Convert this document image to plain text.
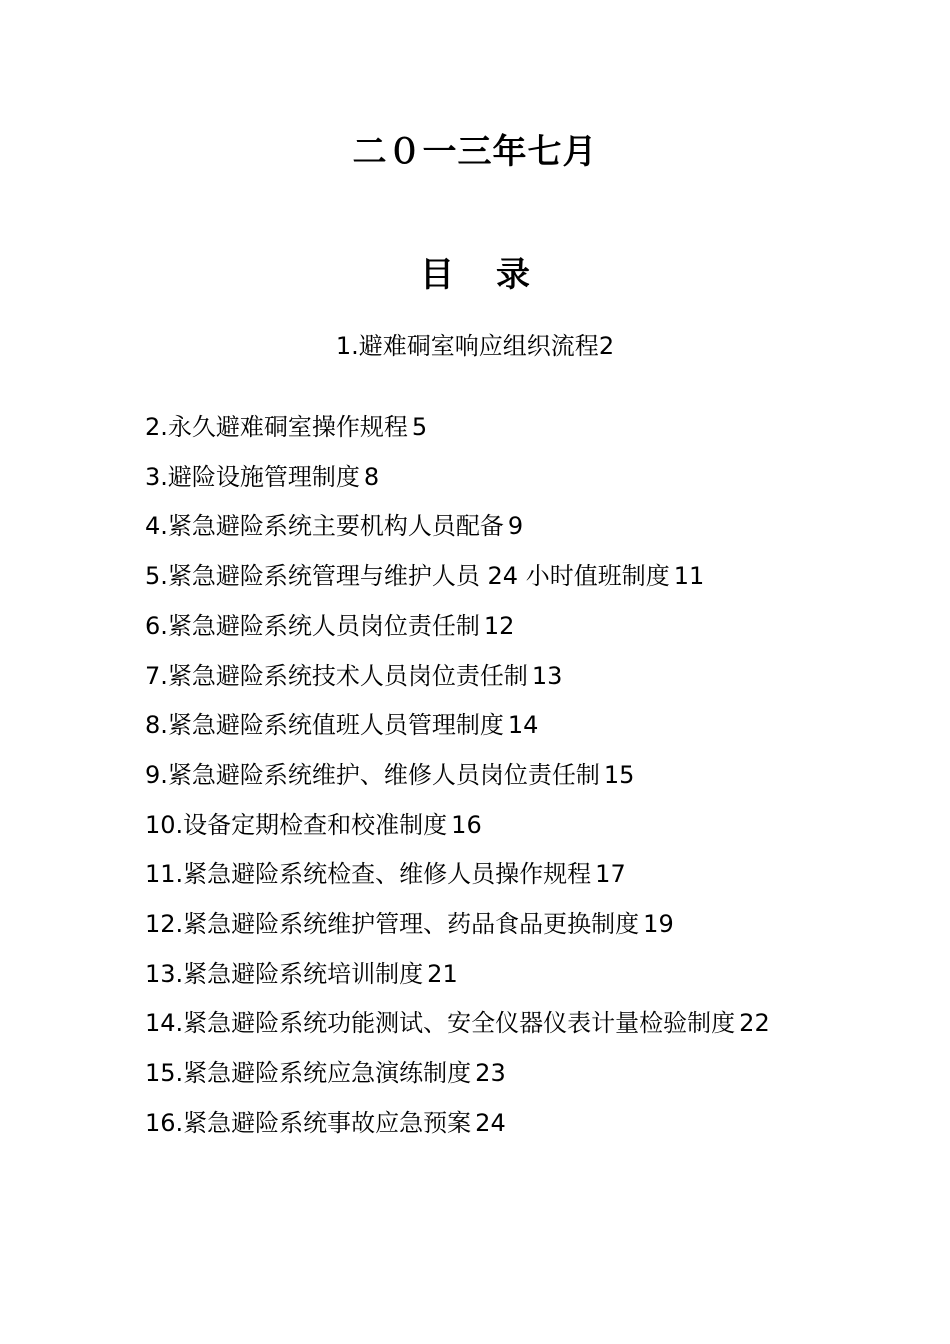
二０一三年七月
目 录
1.避难硐室响应组织流程2
2.永久避难硐室操作规程 5
3.避险设施管理制度 8
4.紧急避险系统主要机构人员配备 9
5.紧急避险系统管理与维护人员 24 小时值班制度 11
6.紧急避险系统人员岗位责任制 12
7.紧急避险系统技术人员岗位责任制 13
8.紧急避险系统值班人员管理制度 14
9.紧急避险系统维护、维修人员岗位责任制 15
10.设备定期检查和校准制度 16
11.紧急避险系统检查、维修人员操作规程 17
12.紧急避险系统维护管理、药品食品更换制度 19
13.紧急避险系统培训制度 21
14.紧急避险系统功能测试、安全仪器仪表计量检验制度 22
15.紧急避险系统应急演练制度 23
16.紧急避险系统事故应急预案 24
